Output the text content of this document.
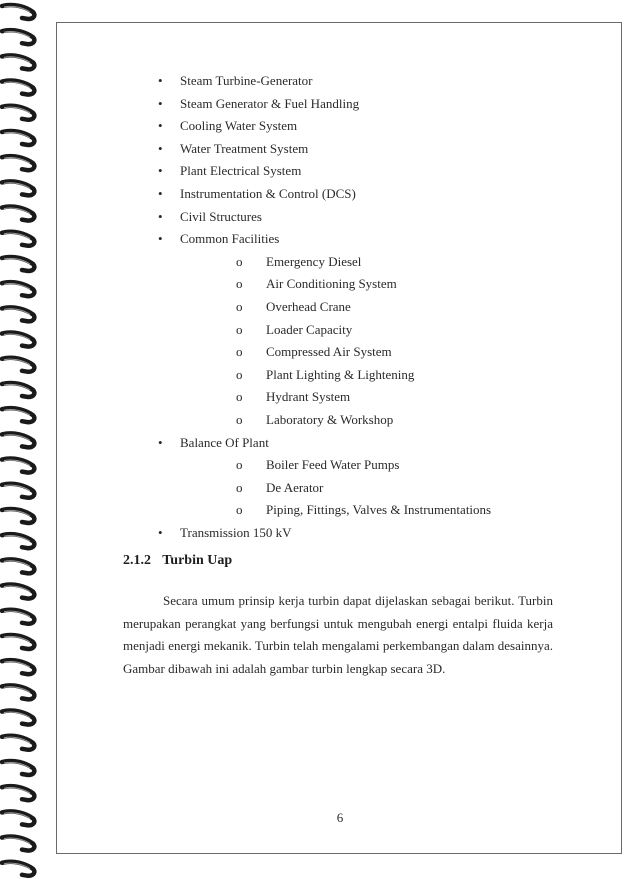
• Steam Turbine-Generator
• Steam Generator & Fuel Handling
• Cooling Water System
• Water Treatment System
• Plant Electrical System
• Instrumentation & Control (DCS)
• Civil Structures
• Common Facilities
o Emergency Diesel
o Air Conditioning System
o Overhead Crane
o Loader Capacity
o Compressed Air System
o Plant Lighting & Lightening
o Hydrant System
o Laboratory & Workshop
• Balance Of Plant
o Boiler Feed Water Pumps
o De Aerator
o Piping, Fittings, Valves & Instrumentations
• Transmission 150 kV
2.1.2 Turbin Uap

Secara umum prinsip kerja turbin dapat dijelaskan sebagai berikut. Turbin merupakan perangkat yang berfungsi untuk mengubah energi entalpi fluida kerja menjadi energi mekanik. Turbin telah mengalami perkembangan dalam desainnya. Gambar dibawah ini adalah gambar turbin lengkap secara 3D.

6
